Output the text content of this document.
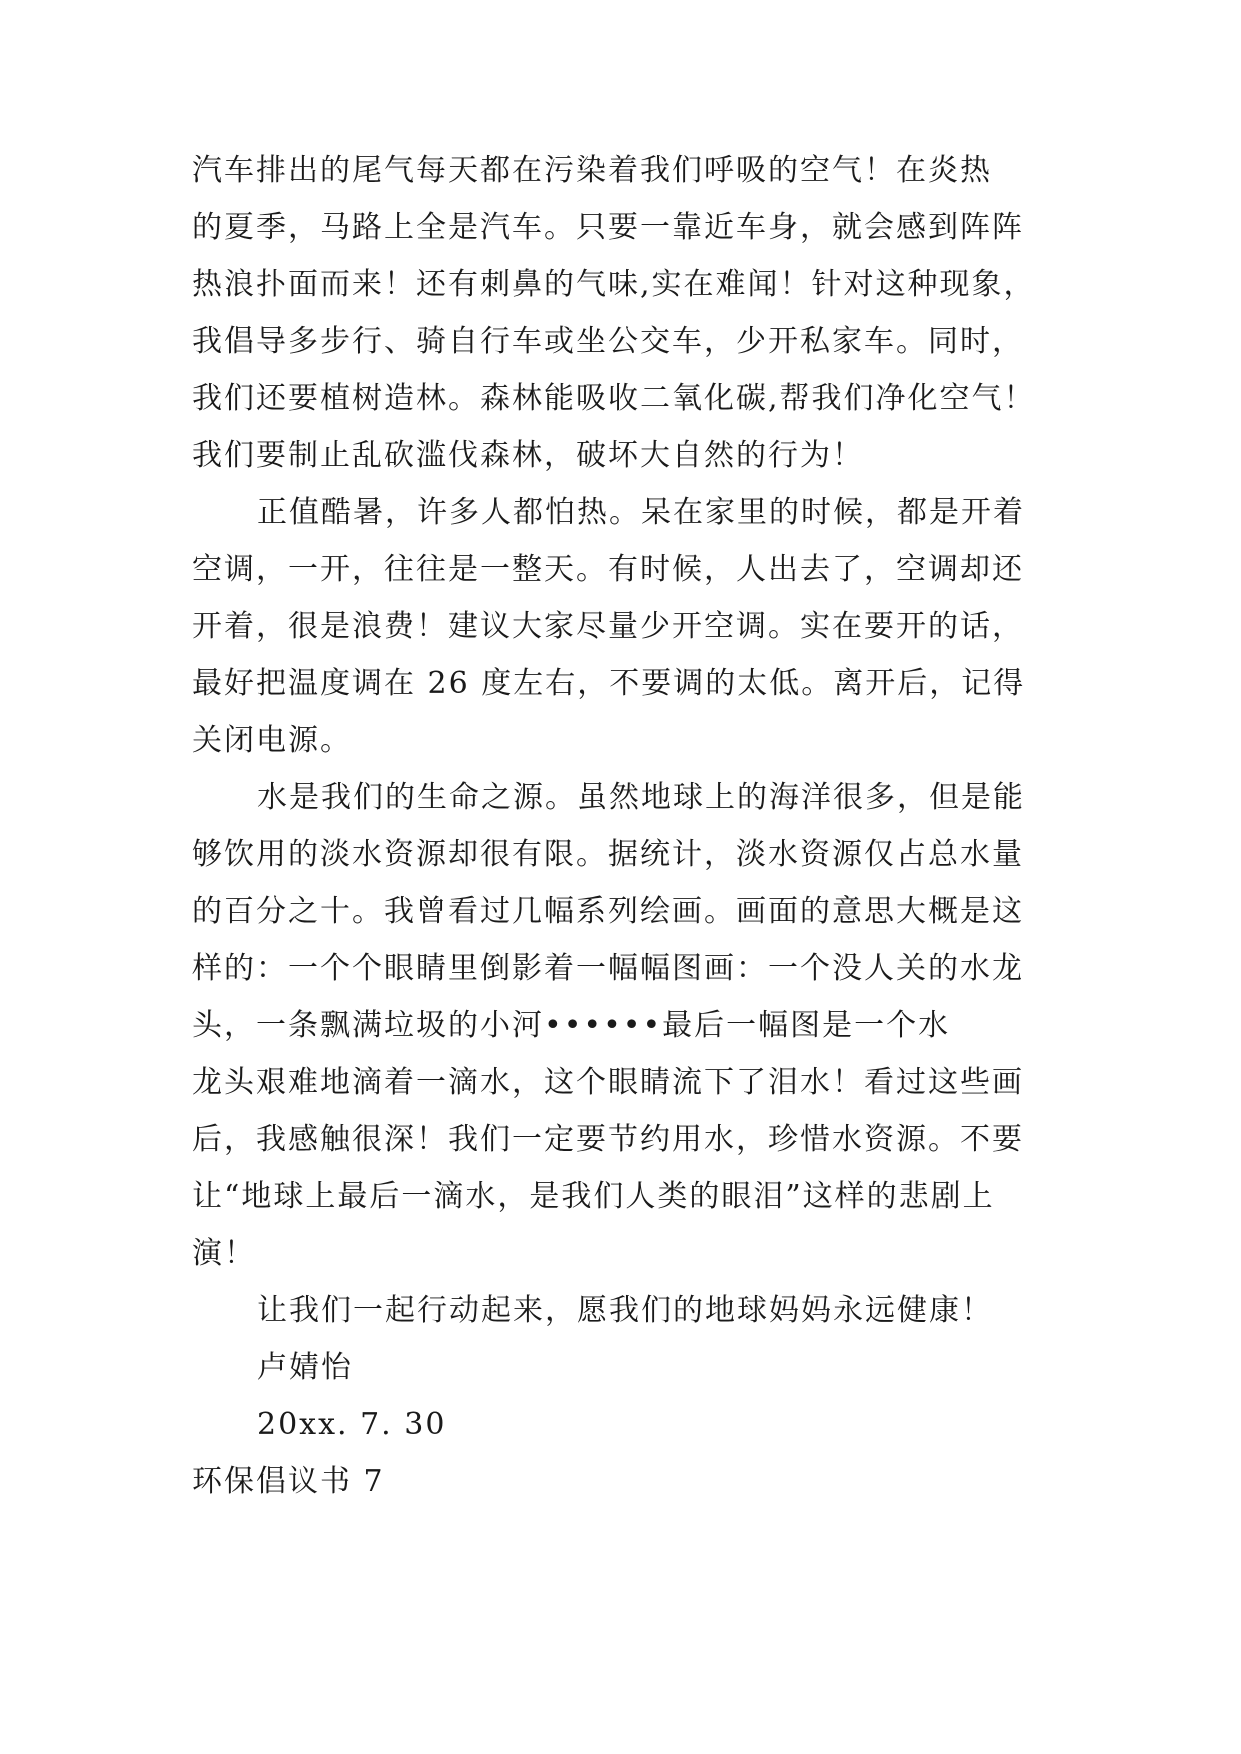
汽车排出的尾气每天都在污染着我们呼吸的空气！在炎热
的夏季，马路上全是汽车。只要一靠近车身，就会感到阵阵
热浪扑面而来！还有刺鼻的气味,实在难闻！针对这种现象，
我倡导多步行、骑自行车或坐公交车，少开私家车。同时，
我们还要植树造林。森林能吸收二氧化碳,帮我们净化空气！
我们要制止乱砍滥伐森林，破坏大自然的行为！
正值酷暑，许多人都怕热。呆在家里的时候，都是开着
空调，一开，往往是一整天。有时候，人出去了，空调却还
开着，很是浪费！建议大家尽量少开空调。实在要开的话，
最好把温度调在 26 度左右，不要调的太低。离开后，记得
关闭电源。
水是我们的生命之源。虽然地球上的海洋很多，但是能
够饮用的淡水资源却很有限。据统计，淡水资源仅占总水量
的百分之十。我曾看过几幅系列绘画。画面的意思大概是这
样的：一个个眼睛里倒影着一幅幅图画：一个没人关的水龙
头，一条飘满垃圾的小河••••••最后一幅图是一个水
龙头艰难地滴着一滴水，这个眼睛流下了泪水！看过这些画
后，我感触很深！我们一定要节约用水，珍惜水资源。不要
让“地球上最后一滴水，是我们人类的眼泪”这样的悲剧上
演！
让我们一起行动起来，愿我们的地球妈妈永远健康！
卢婧怡
20xx. 7. 30
环保倡议书 7
